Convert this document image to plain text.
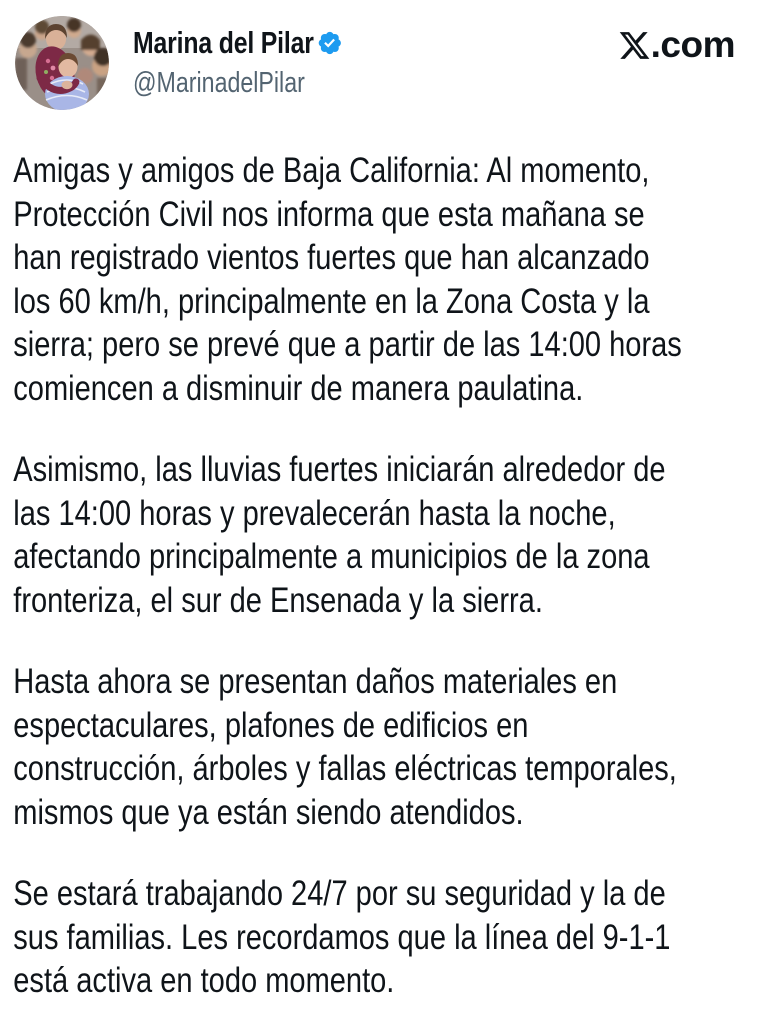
Marina del Pilar
@MarinadelPilar
.com
Amigas y amigos de Baja California: Al momento,
Protección Civil nos informa que esta mañana se
han registrado vientos fuertes que han alcanzado
los 60 km/h, principalmente en la Zona Costa y la
sierra; pero se prevé que a partir de las 14:00 horas
comiencen a disminuir de manera paulatina.
Asimismo, las lluvias fuertes iniciarán alrededor de
las 14:00 horas y prevalecerán hasta la noche,
afectando principalmente a municipios de la zona
fronteriza, el sur de Ensenada y la sierra.
Hasta ahora se presentan daños materiales en
espectaculares, plafones de edificios en
construcción, árboles y fallas eléctricas temporales,
mismos que ya están siendo atendidos.
Se estará trabajando 24/7 por su seguridad y la de
sus familias. Les recordamos que la línea del 9-1-1
está activa en todo momento.
